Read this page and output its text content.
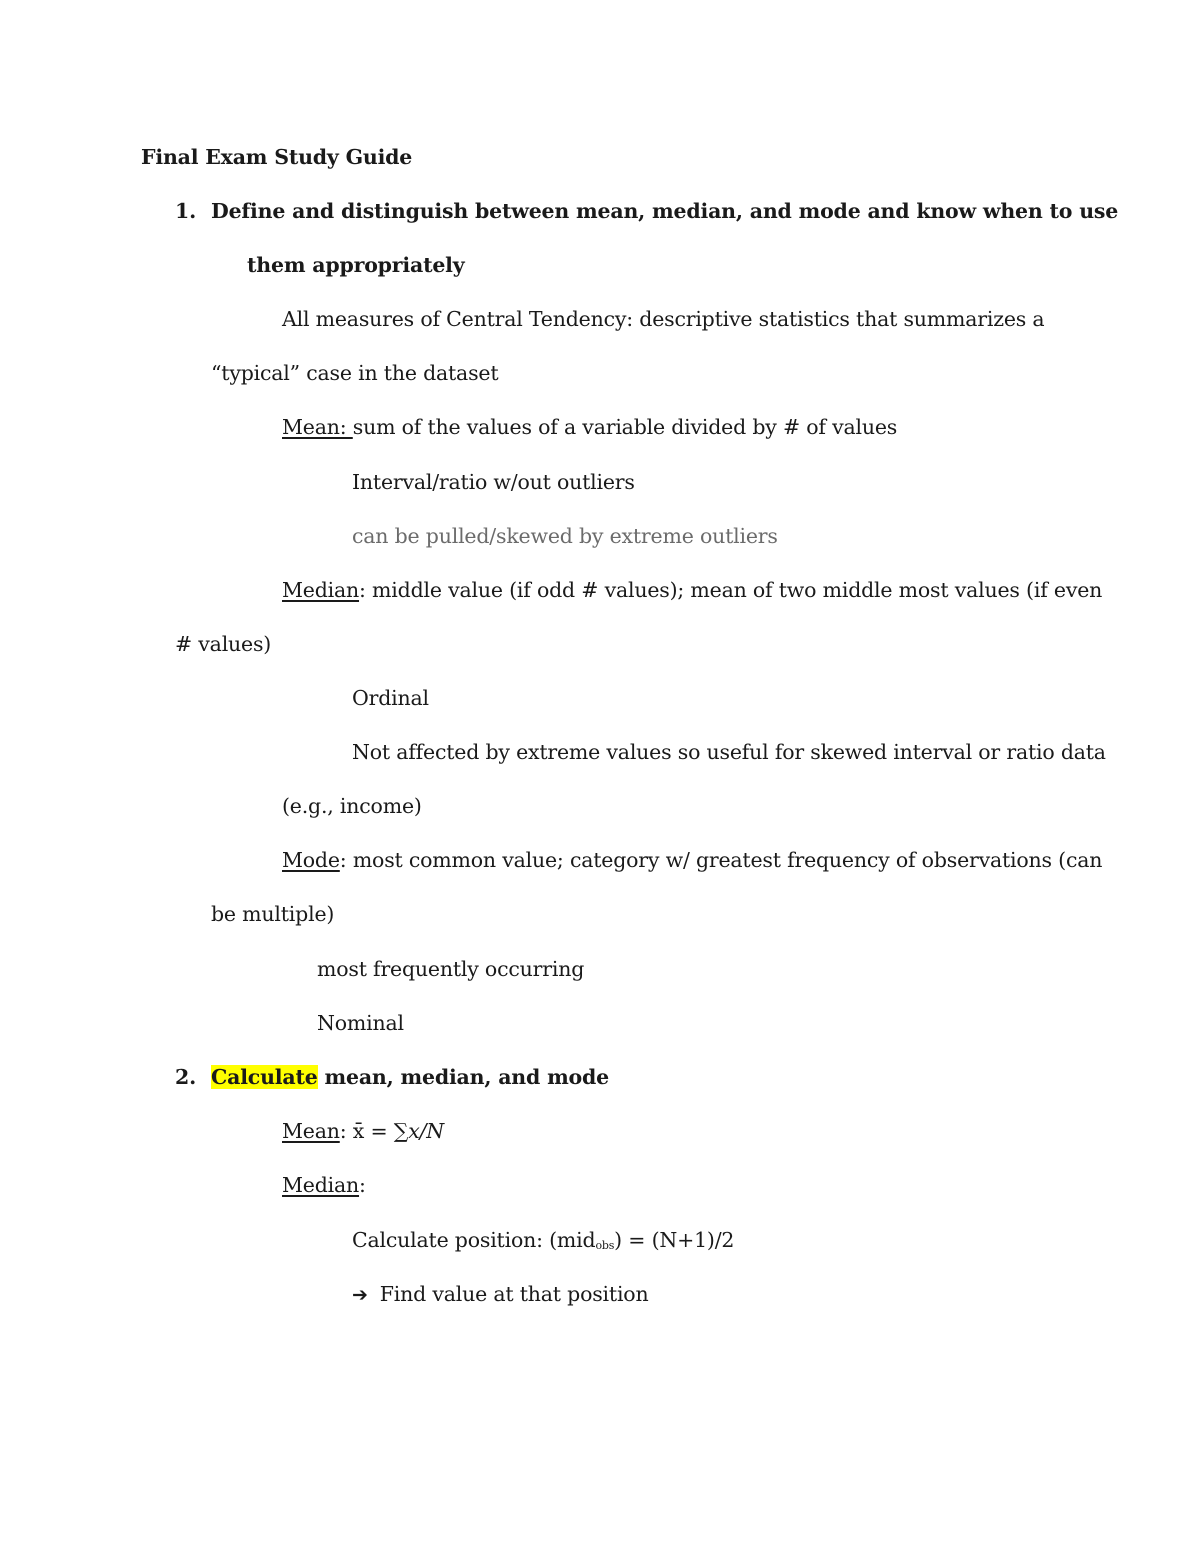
Final Exam Study Guide
1. Define and distinguish between mean, median, and mode and know when to use
them appropriately
All measures of Central Tendency: descriptive statistics that summarizes a
“typical” case in the dataset
Mean: sum of the values of a variable divided by # of values
Interval/ratio w/out outliers
can be pulled/skewed by extreme outliers
Median: middle value (if odd # values); mean of two middle most values (if even
# values)
Ordinal
Not affected by extreme values so useful for skewed interval or ratio data
(e.g., income)
Mode: most common value; category w/ greatest frequency of observations (can
be multiple)
most frequently occurring
Nominal
2. Calculate mean, median, and mode
Mean: x̄ = ∑x/N
Median:
Calculate position: (mid$_{obs}$) = (N+1)/2
➔ Find value at that position
